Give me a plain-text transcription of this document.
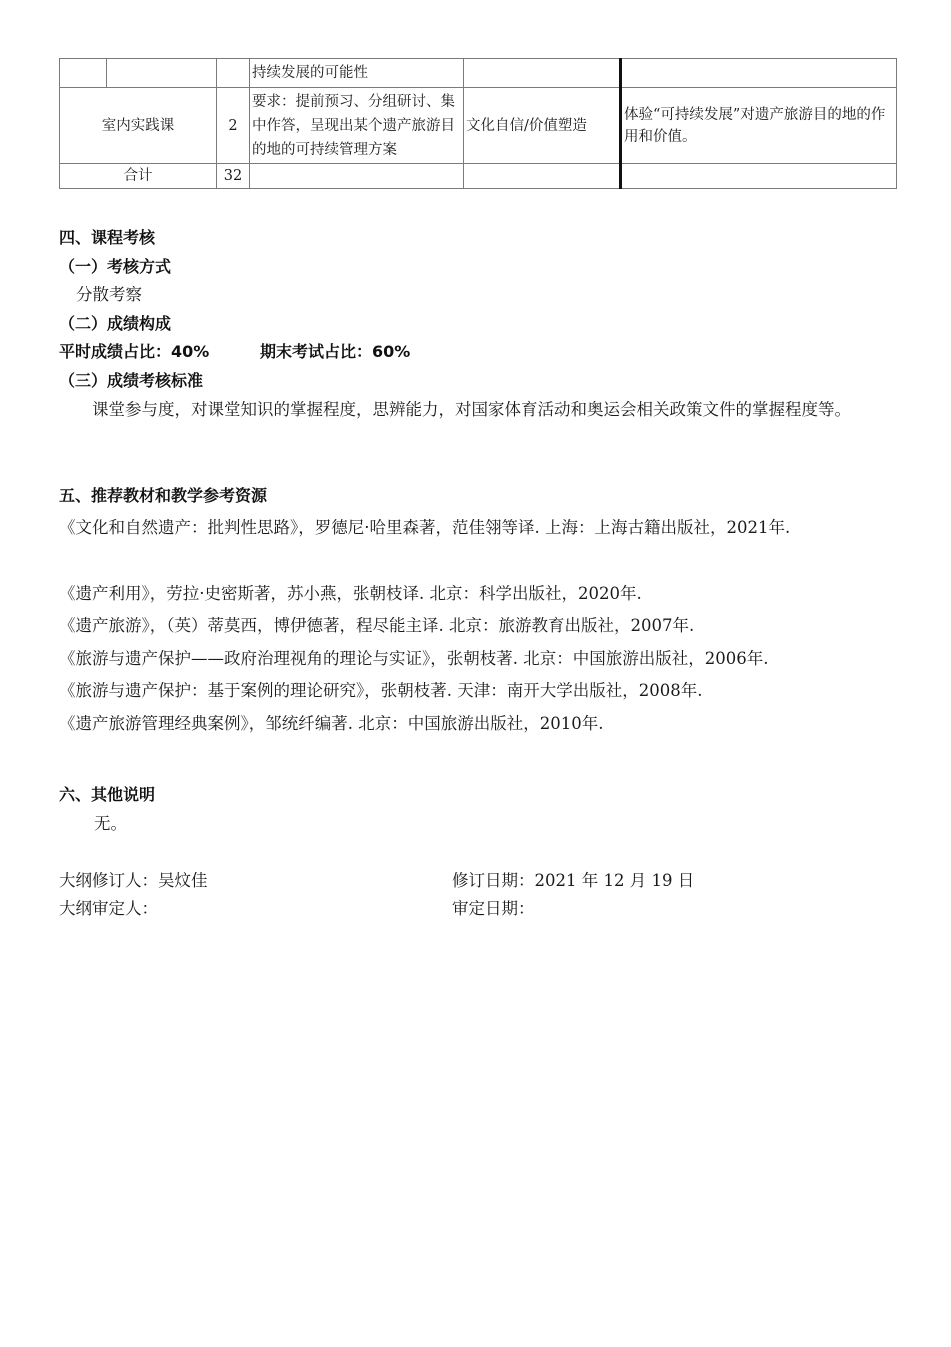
			持续发展的可能性		
室内实践课		2	要求：提前预习、分组研讨、集中作答，呈现出某个遗产旅游目的地的可持续管理方案	文化自信/价值塑造	体验“可持续发展”对遗产旅游目的地的作用和价值。
合计		32			

四、课程考核

（一）考核方式

分散考察

（二）成绩构成

平时成绩占比：40%	期末考试占比：60%

（三）成绩考核标准

课堂参与度，对课堂知识的掌握程度，思辨能力，对国家体育活动和奥运会相关政策文件的掌握程度等。

五、推荐教材和教学参考资源

《文化和自然遗产：批判性思路》，罗德尼·哈里森著，范佳翎等译. 上海：上海古籍出版社，2021年.

《遗产利用》，劳拉·史密斯著，苏小燕，张朝枝译. 北京：科学出版社，2020年.

《遗产旅游》，（英）蒂莫西，博伊德著，程尽能主译. 北京：旅游教育出版社，2007年.

《旅游与遗产保护——政府治理视角的理论与实证》，张朝枝著. 北京：中国旅游出版社，2006年.

《旅游与遗产保护：基于案例的理论研究》，张朝枝著. 天津：南开大学出版社，2008年.

《遗产旅游管理经典案例》，邹统纤编著. 北京：中国旅游出版社，2010年.

六、其他说明

无。

大纲修订人：吴炆佳	修订日期：2021 年 12 月 19 日

大纲审定人：	审定日期：
